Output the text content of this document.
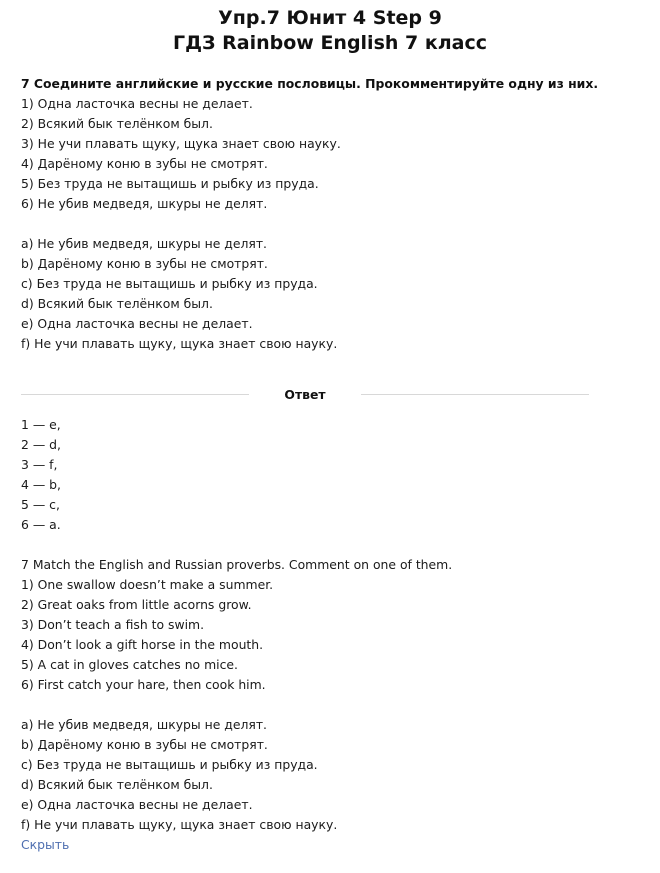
Упр.7 Юнит 4 Step 9
ГДЗ Rainbow English 7 класс
7 Соедините английские и русские пословицы. Прокомментируйте одну из них.
1) Одна ласточка весны не делает.
2) Всякий бык телёнком был.
3) Не учи плавать щуку, щука знает свою науку.
4) Дарёному коню в зубы не смотрят.
5) Без труда не вытащишь и рыбку из пруда.
6) Не убив медведя, шкуры не делят.
a) Не убив медведя, шкуры не делят.
b) Дарёному коню в зубы не смотрят.
c) Без труда не вытащишь и рыбку из пруда.
d) Всякий бык телёнком был.
e) Одна ласточка весны не делает.
f) Не учи плавать щуку, щука знает свою науку.
Ответ
1 — e,
2 — d,
3 — f,
4 — b,
5 — c,
6 — a.
7 Match the English and Russian proverbs. Comment on one of them.
1) One swallow doesn’t make a summer.
2) Great oaks from little acorns grow.
3) Don’t teach a fish to swim.
4) Don’t look a gift horse in the mouth.
5) A cat in gloves catches no mice.
6) First catch your hare, then cook him.
a) Не убив медведя, шкуры не делят.
b) Дарёному коню в зубы не смотрят.
c) Без труда не вытащишь и рыбку из пруда.
d) Всякий бык телёнком был.
e) Одна ласточка весны не делает.
f) Не учи плавать щуку, щука знает свою науку.
Скрыть
